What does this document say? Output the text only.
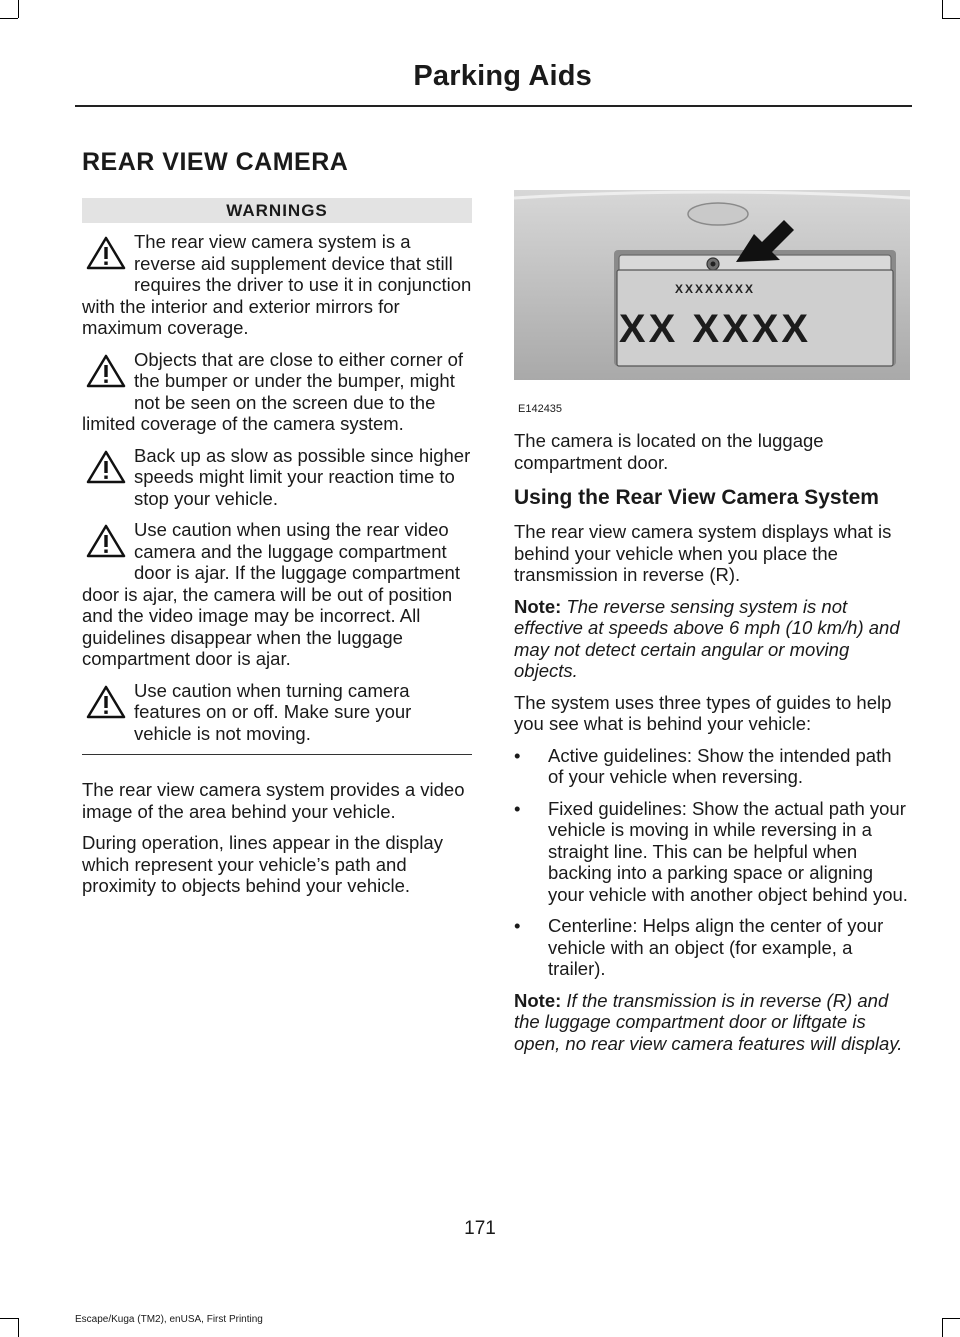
Parking Aids
REAR VIEW CAMERA
WARNINGS
The rear view camera system is a reverse aid supplement device that still requires the driver to use it in conjunction with the interior and exterior mirrors for maximum coverage.
Objects that are close to either corner of the bumper or under the bumper, might not be seen on the screen due to the limited coverage of the camera system.
Back up as slow as possible since higher speeds might limit your reaction time to stop your vehicle.
Use caution when using the rear video camera and the luggage compartment door is ajar. If the luggage compartment door is ajar, the camera will be out of position and the video image may be incorrect. All guidelines disappear when the luggage compartment door is ajar.
Use caution when turning camera features on or off. Make sure your vehicle is not moving.

The rear view camera system provides a video image of the area behind your vehicle.

During operation, lines appear in the display which represent your vehicle’s path and proximity to objects behind your vehicle.

XXXXXXXX
XX XXXX
E142435

The camera is located on the luggage compartment door.

Using the Rear View Camera System

The rear view camera system displays what is behind your vehicle when you place the transmission in reverse (R).

Note: The reverse sensing system is not effective at speeds above 6 mph (10 km/h) and may not detect certain angular or moving objects.

The system uses three types of guides to help you see what is behind your vehicle:

• Active guidelines: Show the intended path of your vehicle when reversing.
• Fixed guidelines: Show the actual path your vehicle is moving in while reversing in a straight line. This can be helpful when backing into a parking space or aligning your vehicle with another object behind you.
• Centerline: Helps align the center of your vehicle with an object (for example, a trailer).

Note: If the transmission is in reverse (R) and the luggage compartment door or liftgate is open, no rear view camera features will display.

171
Escape/Kuga (TM2), enUSA, First Printing
